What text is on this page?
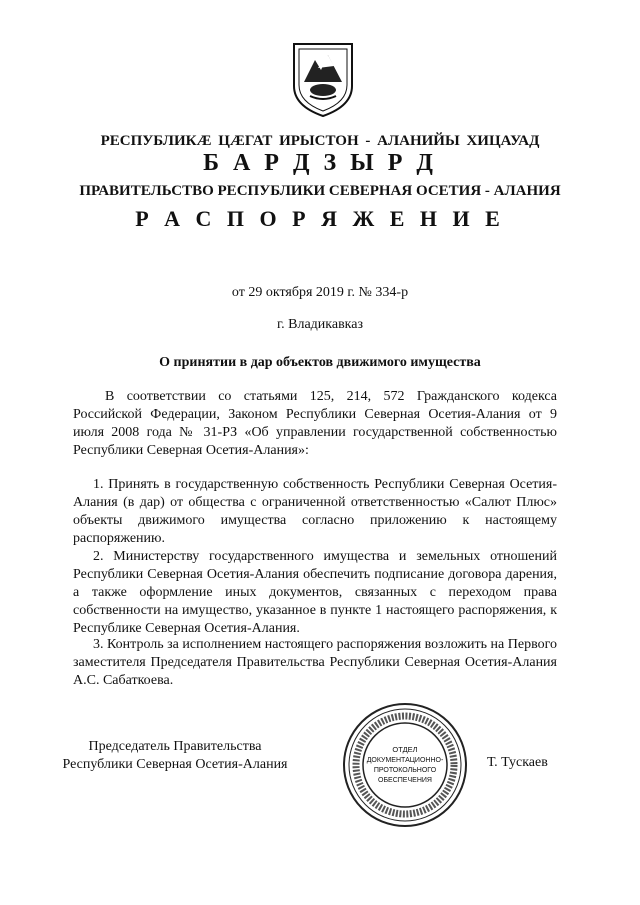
РЕСПУБЛИКӔ ЦӔГАТ ИРЫСТОН - АЛАНИЙЫ ХИЦАУАД
Б А Р Д З Ы Р Д
ПРАВИТЕЛЬСТВО РЕСПУБЛИКИ СЕВЕРНАЯ ОСЕТИЯ - АЛАНИЯ
Р А С П О Р Я Ж Е Н И Е
от 29 октября 2019 г. № 334-р
г. Владикавказ
О принятии в дар объектов движимого имущества

В соответствии со статьями 125, 214, 572 Гражданского кодекса Российской Федерации, Законом Республики Северная Осетия-Алания от 9 июля 2008 года № 31-РЗ «Об управлении государственной собственностью Республики Северная Осетия-Алания»:

1. Принять в государственную собственность Республики Северная Осетия-Алания (в дар) от общества с ограниченной ответственностью «Салют Плюс» объекты движимого имущества согласно приложению к настоящему распоряжению.

2. Министерству государственного имущества и земельных отношений Республики Северная Осетия-Алания обеспечить подписание договора дарения, а также оформление иных документов, связанных с переходом права собственности на имущество, указанное в пункте 1 настоящего распоряжения, к Республике Северная Осетия-Алания.

3. Контроль за исполнением настоящего распоряжения возложить на Первого заместителя Председателя Правительства Республики Северная Осетия-Алания А.С. Сабаткоева.

Председатель Правительства
Республики Северная Осетия-Алания	Т. Тускаев
ОТДЕЛ
ДОКУМЕНТАЦИОННО-
ПРОТОКОЛЬНОГО
ОБЕСПЕЧЕНИЯ
